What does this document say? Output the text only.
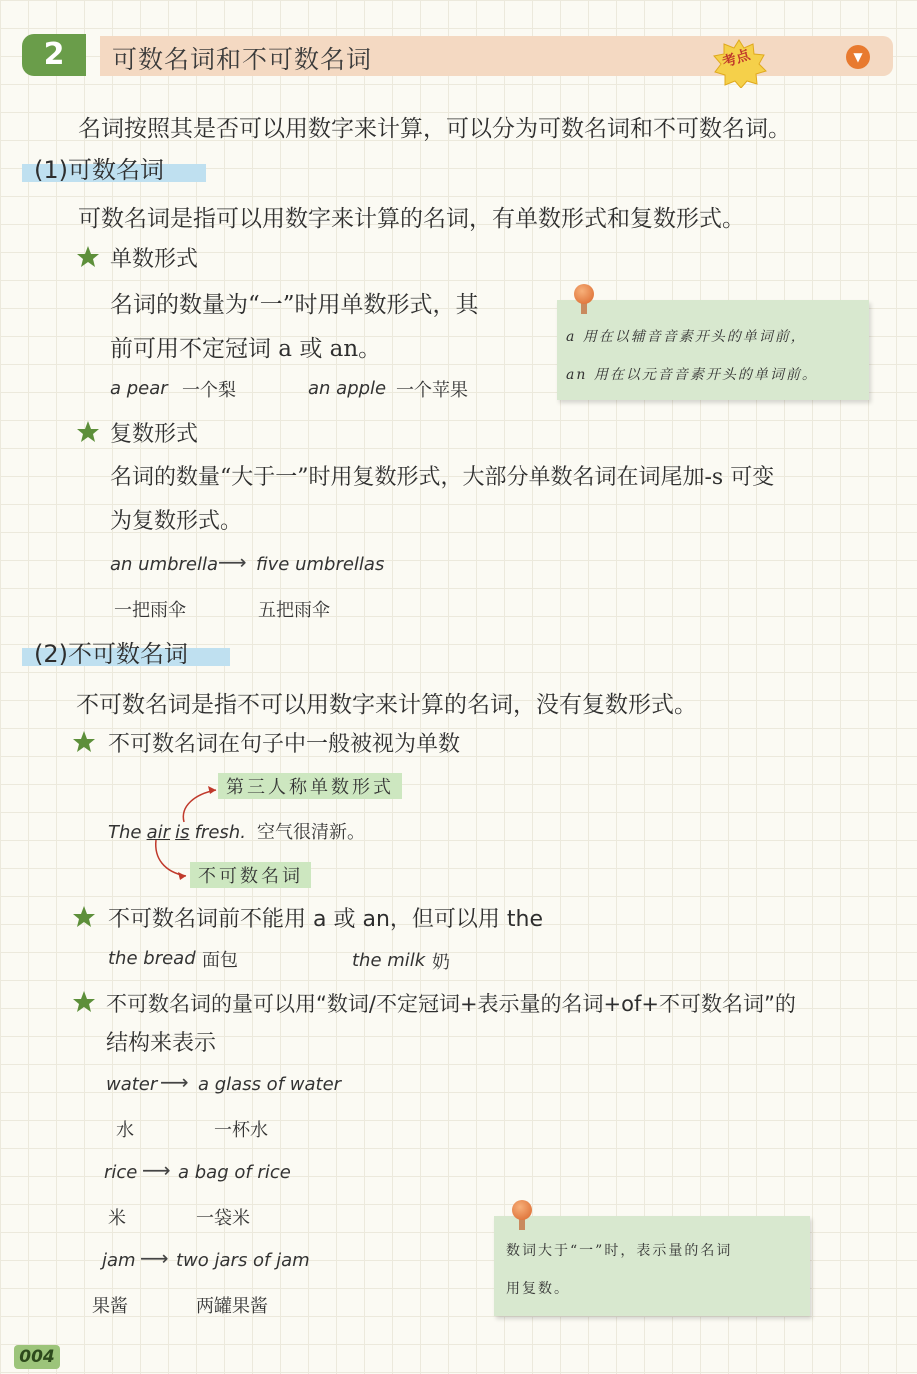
2	可数名词和不可数名词	考点	▼
名词按照其是否可以用数字来计算，可以分为可数名词和不可数名词。
(1)可数名词
可数名词是指可以用数字来计算的名词，有单数形式和复数形式。
单数形式
名词的数量为“一”时用单数形式，其
前可用不定冠词 a 或 an。
a pear 一个梨	an apple 一个苹果
a 用在以辅音音素开头的单词前，
an 用在以元音音素开头的单词前。
复数形式
名词的数量“大于一”时用复数形式，大部分单数名词在词尾加-s 可变
为复数形式。
an umbrella ⟶ five umbrellas
一把雨伞	五把雨伞
(2)不可数名词
不可数名词是指不可以用数字来计算的名词，没有复数形式。
不可数名词在句子中一般被视为单数
第三人称单数形式
The air is fresh. 空气很清新。
不可数名词
不可数名词前不能用 a 或 an，但可以用 the
the bread 面包	the milk 奶
不可数名词的量可以用“数词/不定冠词+表示量的名词+of+不可数名词”的
结构来表示
water ⟶ a glass of water
水	一杯水
rice ⟶ a bag of rice
米	一袋米
jam ⟶ two jars of jam
果酱	两罐果酱
数词大于“一”时，表示量的名词
用复数。
004
